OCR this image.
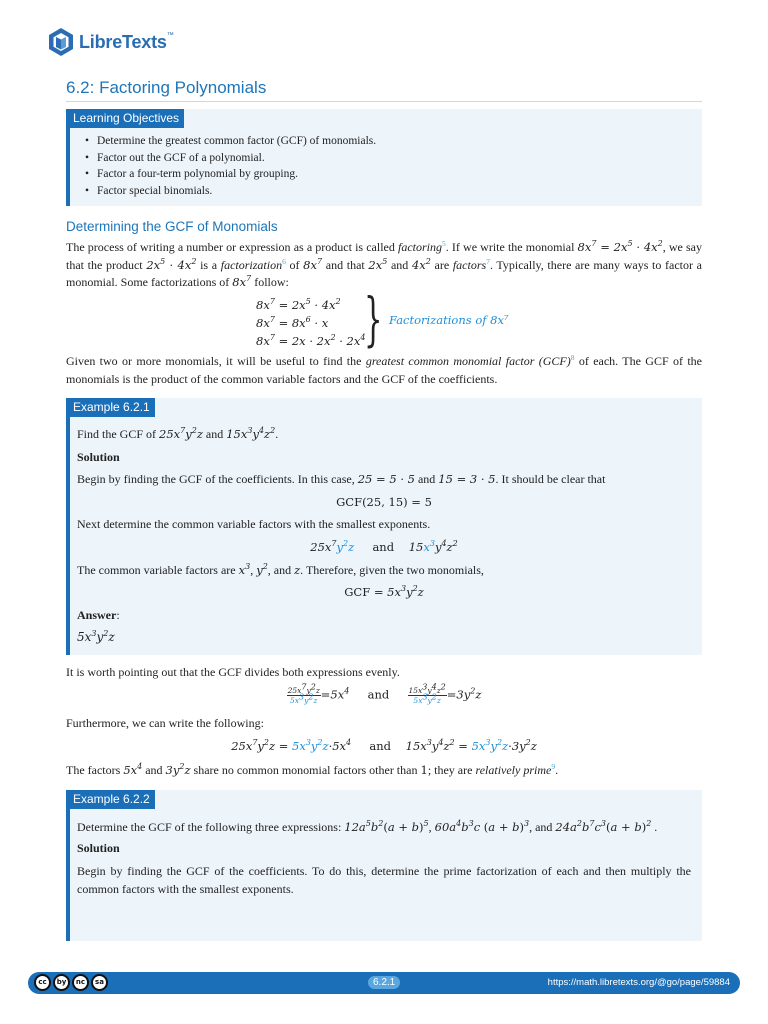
LibreTexts™
6.2: Factoring Polynomials
Learning Objectives
• Determine the greatest common factor (GCF) of monomials.
• Factor out the GCF of a polynomial.
• Factor a four-term polynomial by grouping.
• Factor special binomials.
Determining the GCF of Monomials

The process of writing a number or expression as a product is called factoring$^5$. If we write the monomial $8x^7 = 2x^5 \cdot 4x^2$, we say that the product $2x^5 \cdot 4x^2$ is a factorization$^6$ of $8x^7$ and that $2x^5$ and $4x^2$ are factors$^7$. Typically, there are many ways to factor a monomial. Some factorizations of $8x^7$ follow:

$8x^7 = 2x^5 \cdot 4x^2$
$8x^7 = 8x^6 \cdot x$
$8x^7 = 2x \cdot 2x^2 \cdot 2x^4$
} Factorizations of 8x⁷

Given two or more monomials, it will be useful to find the greatest common monomial factor (GCF)$^8$ of each. The GCF of the monomials is the product of the common variable factors and the GCF of the coefficients.

Example 6.2.1
Find the GCF of $25x^7y^2z$ and $15x^3y^4z^2$.
Solution
Begin by finding the GCF of the coefficients. In this case, 25 = 5 · 5 and 15 = 3 · 5. It should be clear that
GCF(25, 15) = 5
Next determine the common variable factors with the smallest exponents.
$25x^7y^2z$ and    $15x^3y^4z^2$
The common variable factors are $x^3$, $y^2$, and z. Therefore, given the two monomials,
GCF = $5x^3y^2z$
Answer:
$5x^3y^2z$
It is worth pointing out that the GCF divides both expressions evenly.
$\frac{25x^7y^2z}{5x^3y^2z} =5x^4$ and $\frac{15x^3y^4z^2}{5x^3y^2z} =3y^2z$
Furthermore, we can write the following:
$25x^7y^2z = 5x^3y^2z\cdot 5x^4$ and    $15x^3y^4z^2 = 5x^3y^2z\cdot 3y^2z$
The factors $5x^4$ and $3y^2z$ share no common monomial factors other than 1; they are relatively prime$^9$.
Example 6.2.2
Determine the GCF of the following three expressions: $12a^5b^2(a + b)^5$, $60a^4b^3c$ $(a + b)^3$, and $24a^2b^7c^3(a + b)^2$ .
Solution

Begin by finding the GCF of the coefficients. To do this, determine the prime factorization of each and then multiply the common factors with the smallest exponents.

cc	by	nc	sa	6.2.1	https://math.libretexts.org/@go/page/59884
